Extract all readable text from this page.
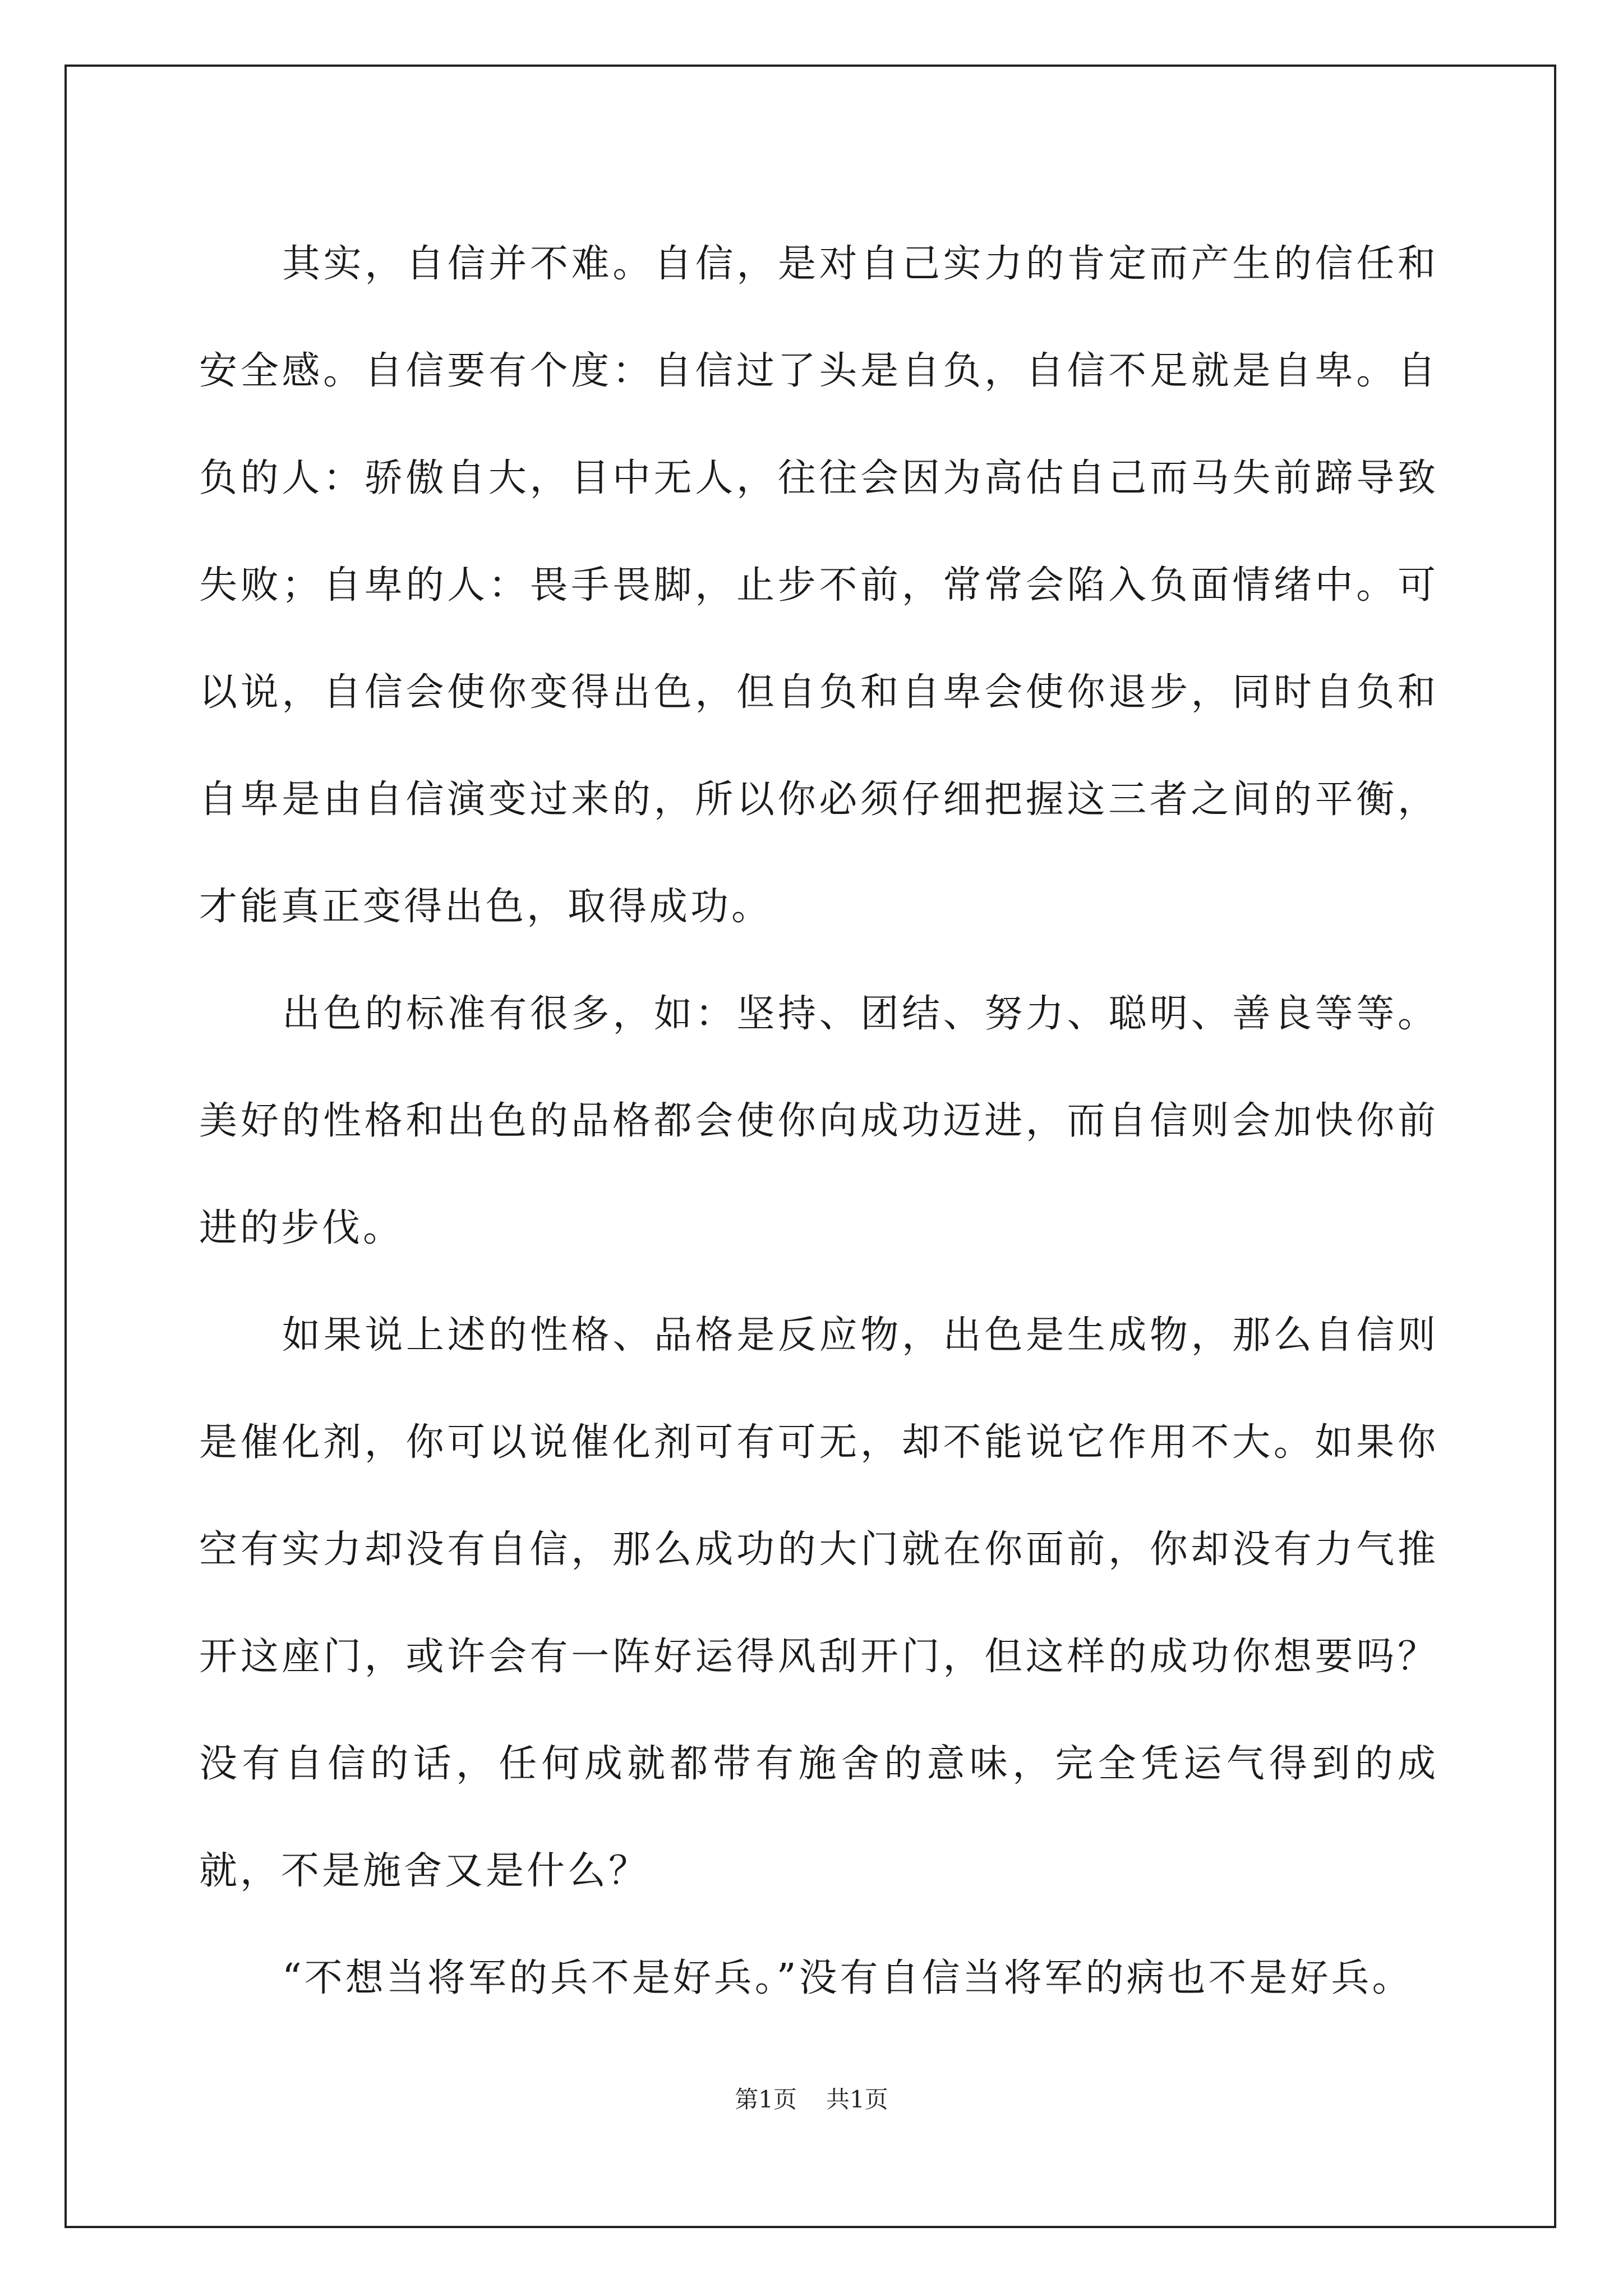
其实，自信并不难。自信，是对自己实力的肯定而产生的信任和安全感。自信要有个度：自信过了头是自负，自信不足就是自卑。自负的人：骄傲自大，目中无人，往往会因为高估自己而马失前蹄导致失败；自卑的人：畏手畏脚，止步不前，常常会陷入负面情绪中。可以说，自信会使你变得出色，但自负和自卑会使你退步，同时自负和自卑是由自信演变过来的，所以你必须仔细把握这三者之间的平衡，才能真正变得出色，取得成功。

出色的标准有很多，如：坚持、团结、努力、聪明、善良等等。美好的性格和出色的品格都会使你向成功迈进，而自信则会加快你前进的步伐。

如果说上述的性格、品格是反应物，出色是生成物，那么自信则是催化剂，你可以说催化剂可有可无，却不能说它作用不大。如果你空有实力却没有自信，那么成功的大门就在你面前，你却没有力气推开这座门，或许会有一阵好运得风刮开门，但这样的成功你想要吗？没有自信的话，任何成就都带有施舍的意味，完全凭运气得到的成就，不是施舍又是什么？

“不想当将军的兵不是好兵。”没有自信当将军的病也不是好兵。

第1页 共1页
